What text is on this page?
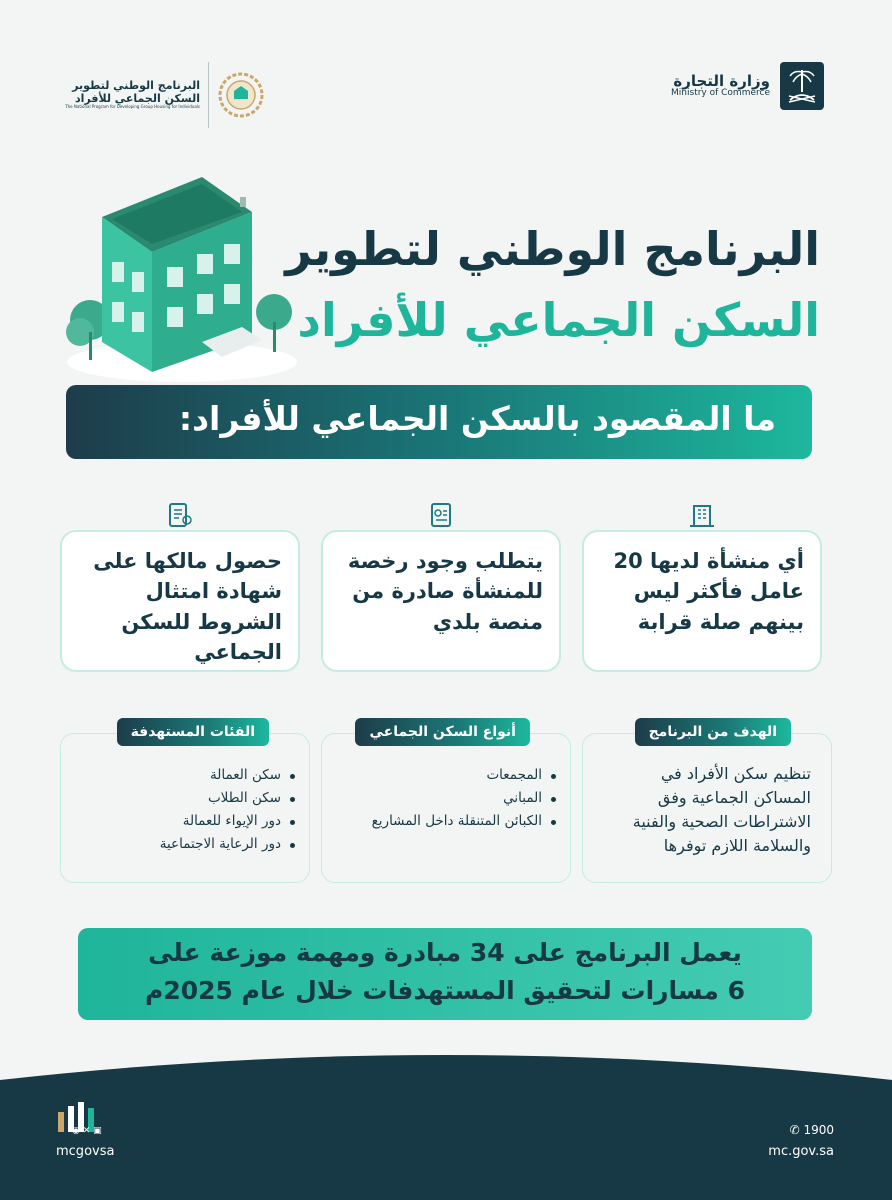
وزارة التجارة
Ministry of Commerce
البرنامج الوطني لتطوير
السكن الجماعي للأفراد
The National Program for Developing Group Housing for Individuals
البرنامج الوطني لتطوير
السكن الجماعي للأفراد
ما المقصود بالسكن الجماعي للأفراد:
أي منشأة لديها 20 عامل فأكثر ليس بينهم صلة قرابة
يتطلب وجود رخصة للمنشأة صادرة من منصة بلدي
حصول مالكها على شهادة امتثال الشروط للسكن الجماعي
الهدف من البرنامج
تنظيم سكن الأفراد في المساكن الجماعية وفق الاشتراطات الصحية والفنية والسلامة اللازم توفرها
أنواع السكن الجماعي
المجمعات
المباني
الكبائن المتنقلة داخل المشاريع
الفئات المستهدفة
سكن العمالة
سكن الطلاب
دور الإيواء للعمالة
دور الرعاية الاجتماعية
يعمل البرنامج على 34 مبادرة ومهمة موزعة على
6 مسارات لتحقيق المستهدفات خلال عام 2025م
◉ ✕ ▣
mcgovsa
✆ 1900
mc.gov.sa
